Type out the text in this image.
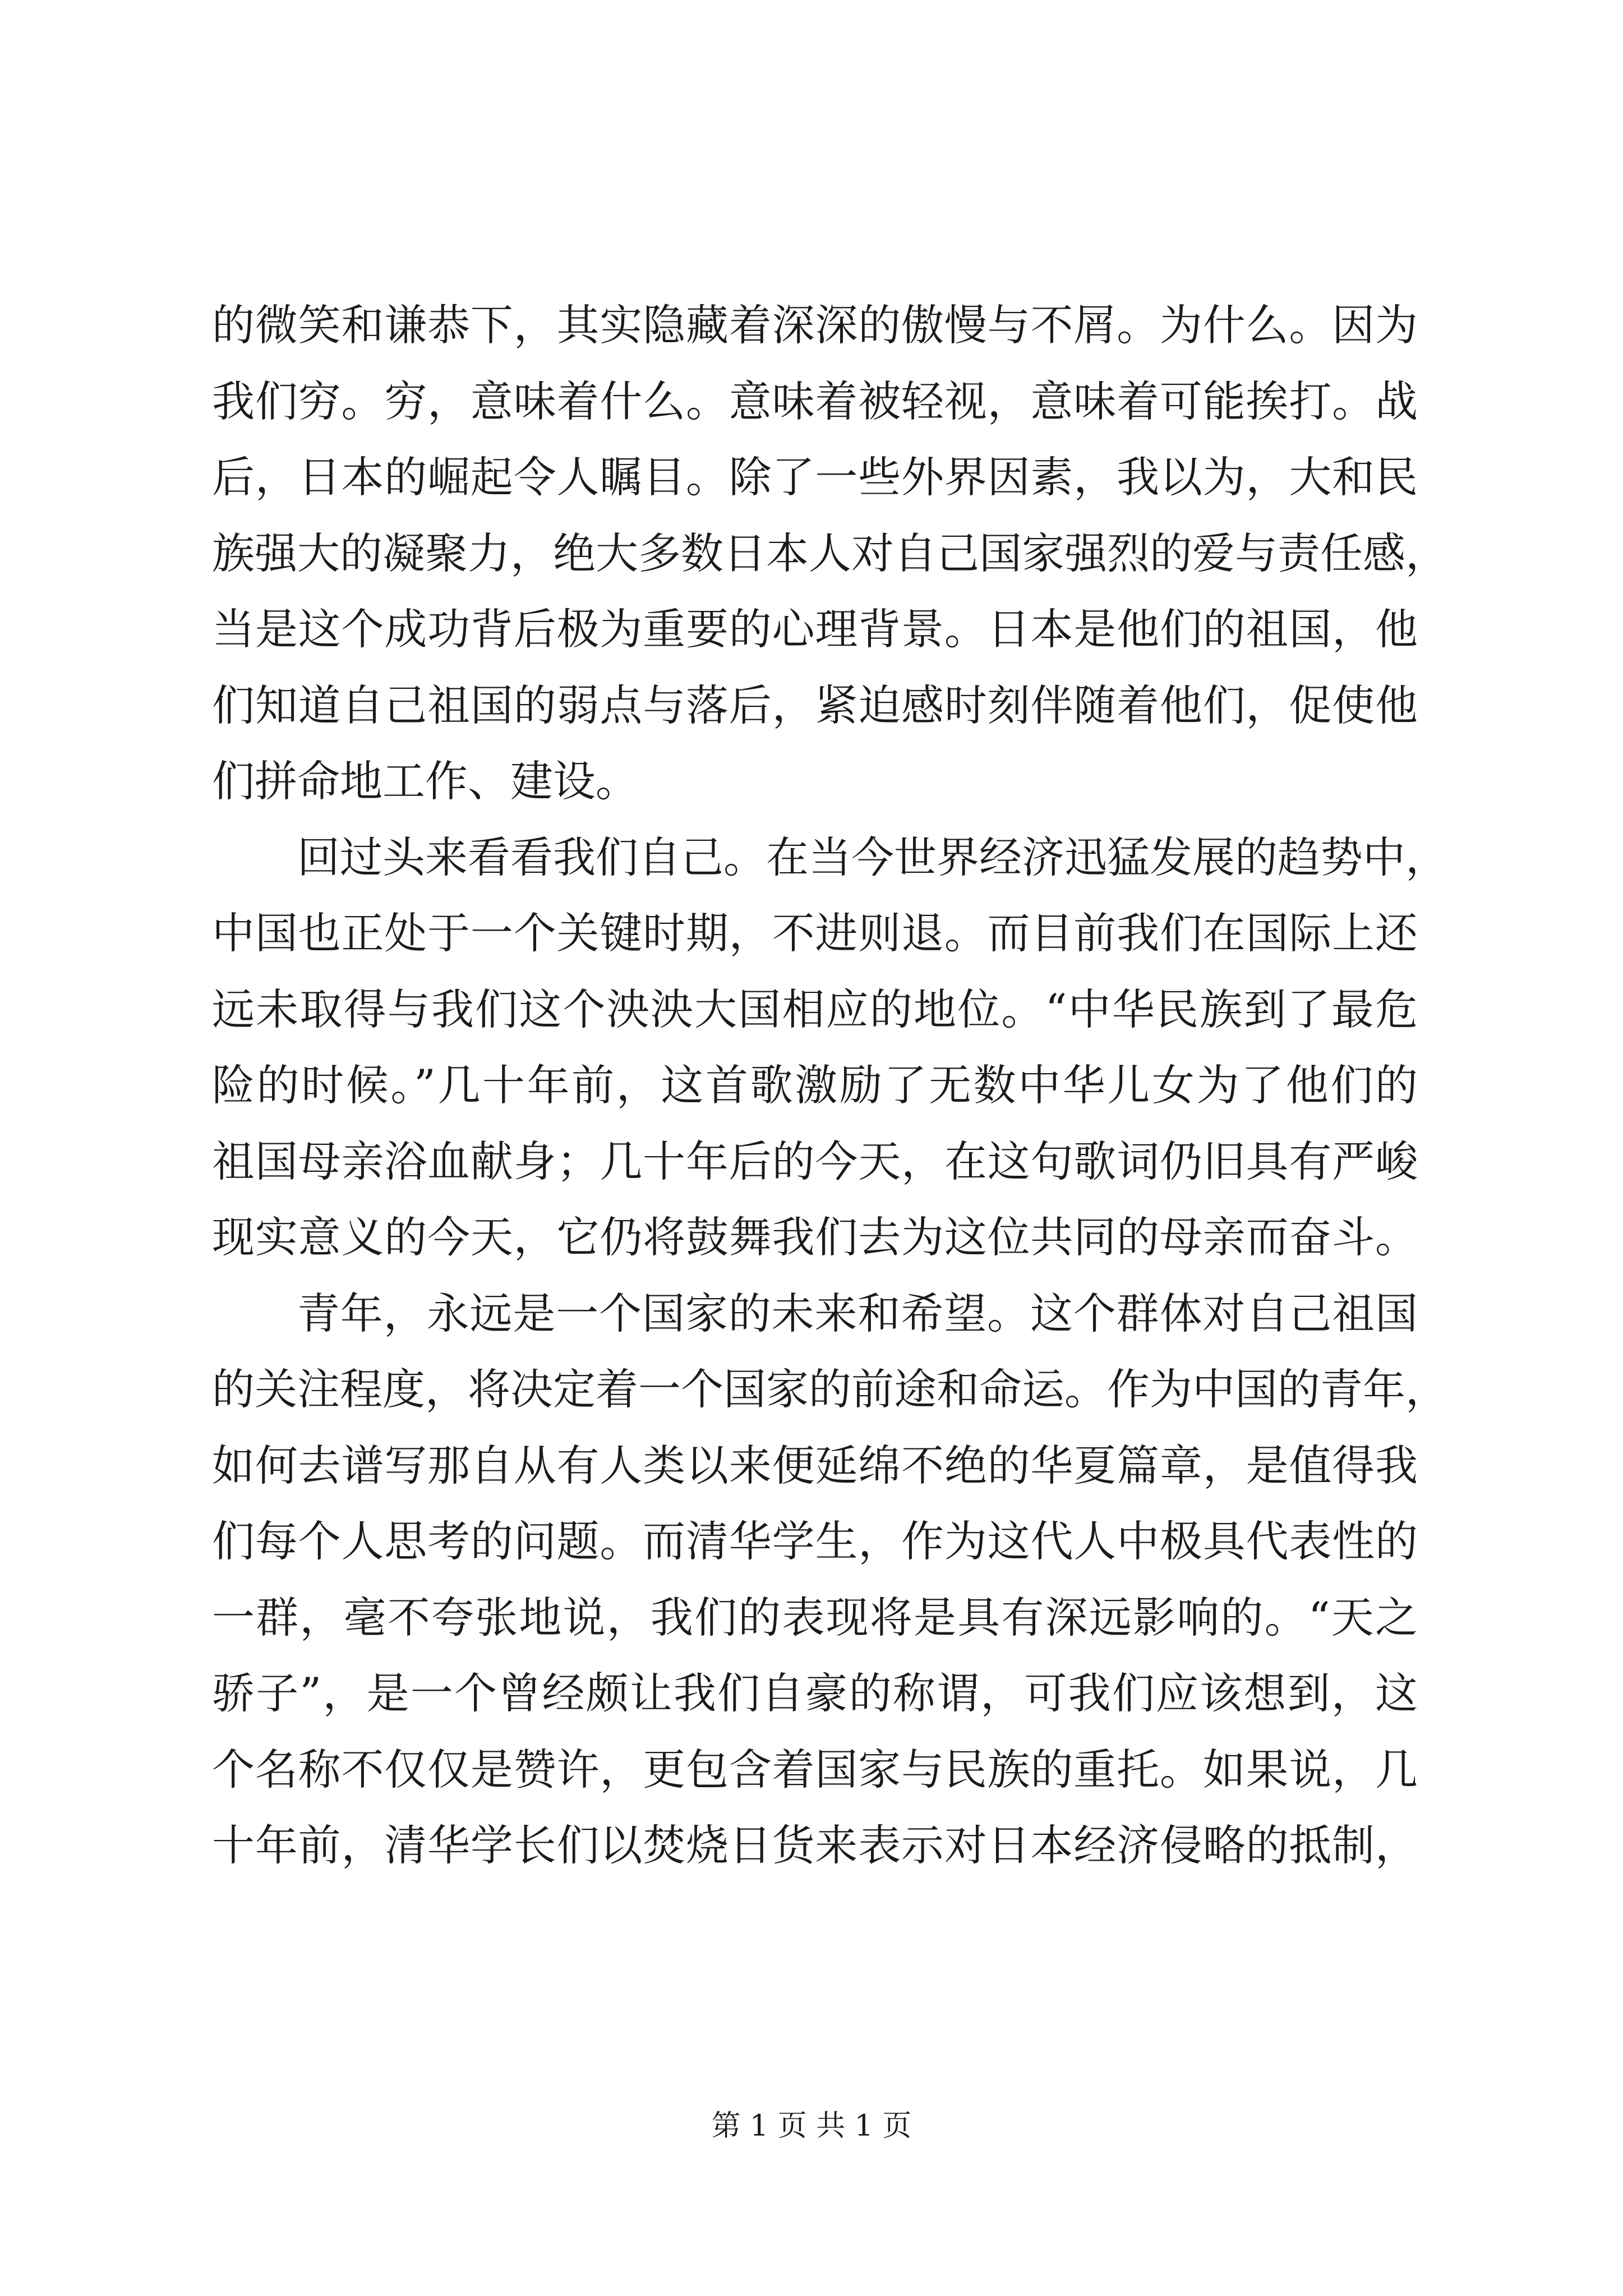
的微笑和谦恭下，其实隐藏着深深的傲慢与不屑。为什么。因为
我们穷。穷，意味着什么。意味着被轻视，意味着可能挨打。战
后，日本的崛起令人瞩目。除了一些外界因素，我以为，大和民
族强大的凝聚力，绝大多数日本人对自己国家强烈的爱与责任感，
当是这个成功背后极为重要的心理背景。日本是他们的祖国，他
们知道自己祖国的弱点与落后，紧迫感时刻伴随着他们，促使他
们拼命地工作、建设。
回过头来看看我们自己。在当今世界经济迅猛发展的趋势中，
中国也正处于一个关键时期，不进则退。而目前我们在国际上还
远未取得与我们这个泱泱大国相应的地位。“中华民族到了最危
险的时候。”几十年前，这首歌激励了无数中华儿女为了他们的
祖国母亲浴血献身；几十年后的今天，在这句歌词仍旧具有严峻
现实意义的今天，它仍将鼓舞我们去为这位共同的母亲而奋斗。
青年，永远是一个国家的未来和希望。这个群体对自己祖国
的关注程度，将决定着一个国家的前途和命运。作为中国的青年，
如何去谱写那自从有人类以来便延绵不绝的华夏篇章，是值得我
们每个人思考的问题。而清华学生，作为这代人中极具代表性的
一群，毫不夸张地说，我们的表现将是具有深远影响的。“天之
骄子”，是一个曾经颇让我们自豪的称谓，可我们应该想到，这
个名称不仅仅是赞许，更包含着国家与民族的重托。如果说，几
十年前，清华学长们以焚烧日货来表示对日本经济侵略的抵制，
第 1 页 共 1 页
